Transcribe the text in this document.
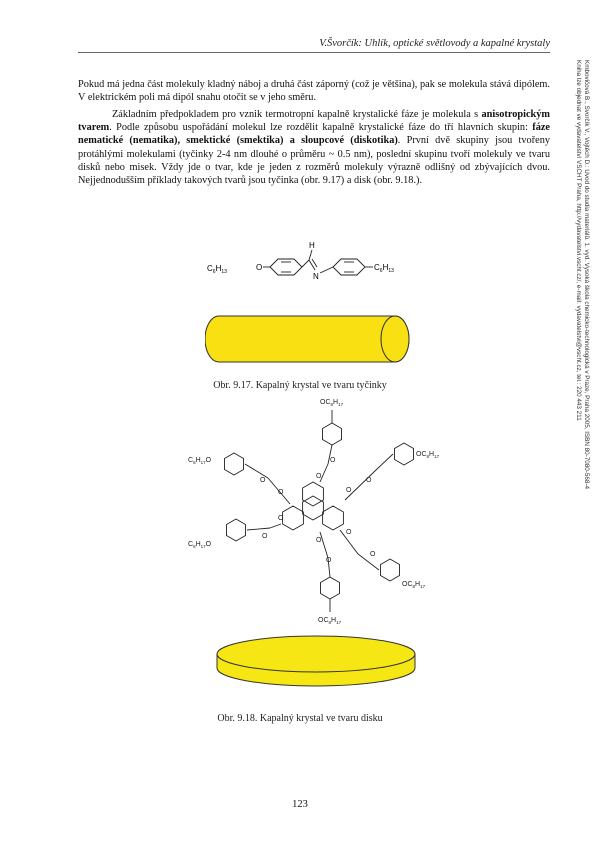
V.Švorčík: Uhlík, optické světlovody a kapalné krystaly
Kmbovičová B., Švorčík V., Vojtěch D.: Úvod do studia materiálů. 1. vyd. Vysoká škola chemicko-technologická v Praze, Praha 2005, ISBN 80-7080-568-4
Kniha lze objednat ve vydavatelství VŠCHT Praha, http://vydavatelstvi.vscht.cz/, e-mail: vydavatelstvi@vscht.cz, tel.: 220 443 211
Pokud má jedna část molekuly kladný náboj a druhá část záporný (což je většina), pak se molekula stává dipólem. V elektrickém poli má dipól snahu otočit se v jeho směru.
Základním předpokladem pro vznik termotropní kapalně krystalické fáze je molekula s anisotropickým tvarem. Podle způsobu uspořádání molekul lze rozdělit kapalně krystalické fáze do tří hlavních skupin: fáze nematické (nematika), smektické (smektika) a sloupcové (diskotika). První dvě skupiny jsou tvořeny protáhlými molekulami (tyčinky 2-4 nm dlouhé o průměru ~ 0.5 nm), poslední skupinu tvoří molekuly ve tvaru disků nebo misek. Vždy jde o tvar, kde je jeden z rozměrů molekuly výrazně odlišný od zbývajících dvou. Nejjednodušším příklady takových tvarů jsou tyčinka (obr. 9.17) a disk (obr. 9.18.).
$C_6H_{13}$	O
H
N
$C_6H_{13}$
Obr. 9.17. Kapalný krystal ve tvaru tyčinky
O
O
O
O
O
O
O
O
O
O
O
O
$OC_8H_{17}$
$OC_8H_{17}$
$C_8H_{17}O$
$C_8H_{17}O$
$OC_8H_{17}$
$OC_8H_{17}$
Obr. 9.18. Kapalný krystal ve tvaru disku
123
